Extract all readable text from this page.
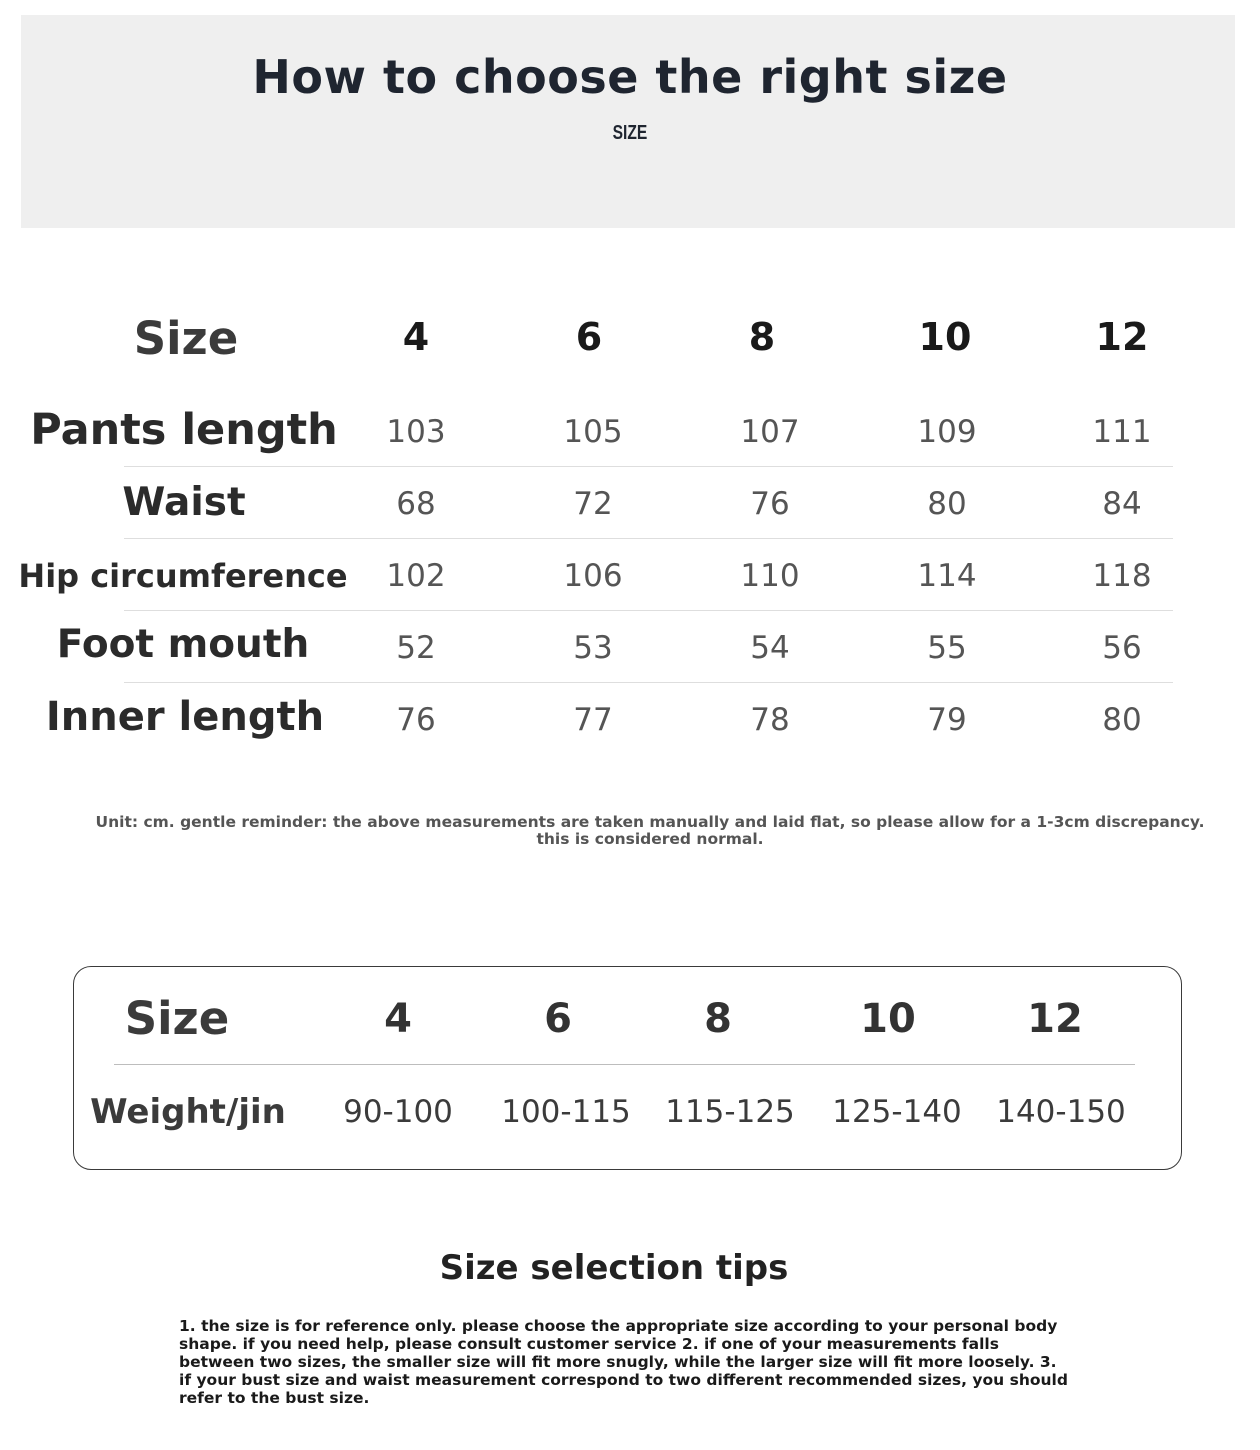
How to choose the right size
SIZE
Size	4	6	8	10	12
Pants length 103	105	107	109	111
Waist	68	72	76	80	84
Hip circumference 102	106	110	114	118
Foot mouth	52	53	54	55	56
Inner length 76	77	78	79	80
Unit: cm. gentle reminder: the above measurements are taken manually and laid flat, so please allow for a 1-3cm discrepancy. this is considered normal.
Size	4	6	8	10	12
Weight/jin 90-100 100-115 115-125 125-140 140-150
Size selection tips
1. the size is for reference only. please choose the appropriate size according to your personal body shape. if you need help, please consult customer service 2. if one of your measurements falls between two sizes, the smaller size will fit more snugly, while the larger size will fit more loosely. 3. if your bust size and waist measurement correspond to two different recommended sizes, you should refer to the bust size.
